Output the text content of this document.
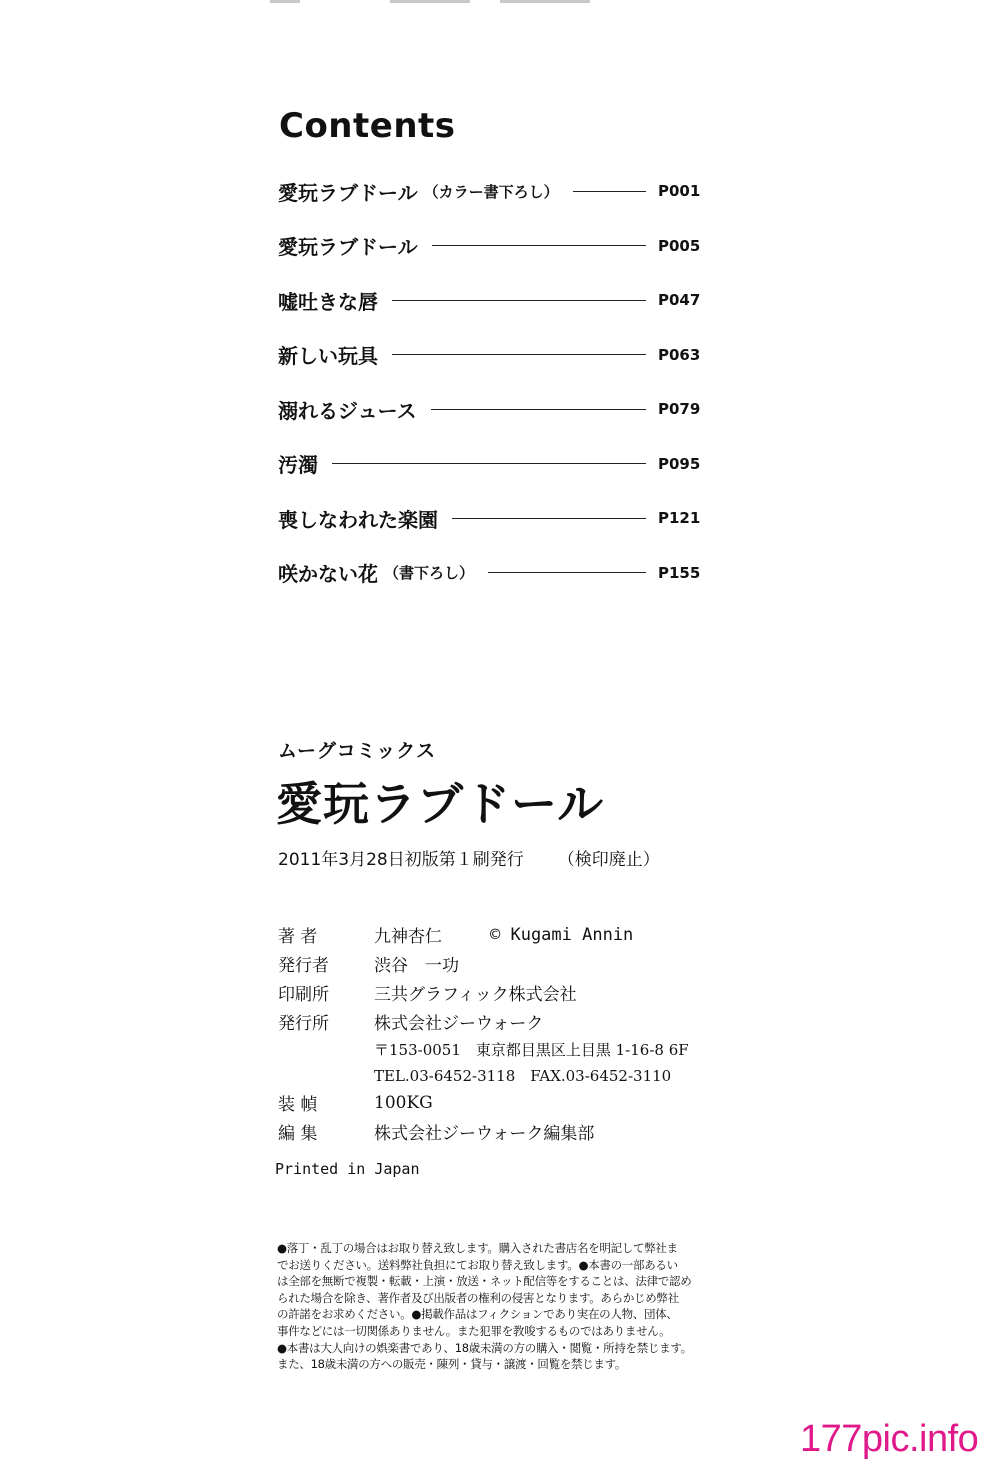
Contents
愛玩ラブドール （カラー書下ろし）	P001
愛玩ラブドール	P005
嘘吐きな唇	P047
新しい玩具	P063
溺れるジュース	P079
汚濁	P095
喪しなわれた楽園	P121
咲かない花 （書下ろし）	P155
ムーグコミックス
愛玩ラブドール
2011年3月28日初版第１刷発行 （検印廃止）
著 者	九神杏仁	© Kugami Annin
発行者	渋谷　一功
印刷所	三共グラフィック株式会社
発行所	株式会社ジーウォーク
〒153-0051　東京都目黒区上目黒 1-16-8 6F
TEL.03-6452-3118　FAX.03-6452-3110
装 幀	100KG
編 集	株式会社ジーウォーク編集部
Printed in Japan

●落丁・乱丁の場合はお取り替え致します。購入された書店名を明記して弊社ま

でお送りください。送料弊社負担にてお取り替え致します。●本書の一部あるい

は全部を無断で複製・転載・上演・放送・ネット配信等をすることは、法律で認め

られた場合を除き、著作者及び出版者の権利の侵害となります。あらかじめ弊社

の許諾をお求めください。●掲載作品はフィクションであり実在の人物、団体、

事件などには一切関係ありません。また犯罪を教唆するものではありません。

●本書は大人向けの娯楽書であり、18歳未満の方の購入・閲覧・所持を禁じます。

また、18歳未満の方への販売・陳列・貸与・譲渡・回覧を禁じます。

177pic.info
